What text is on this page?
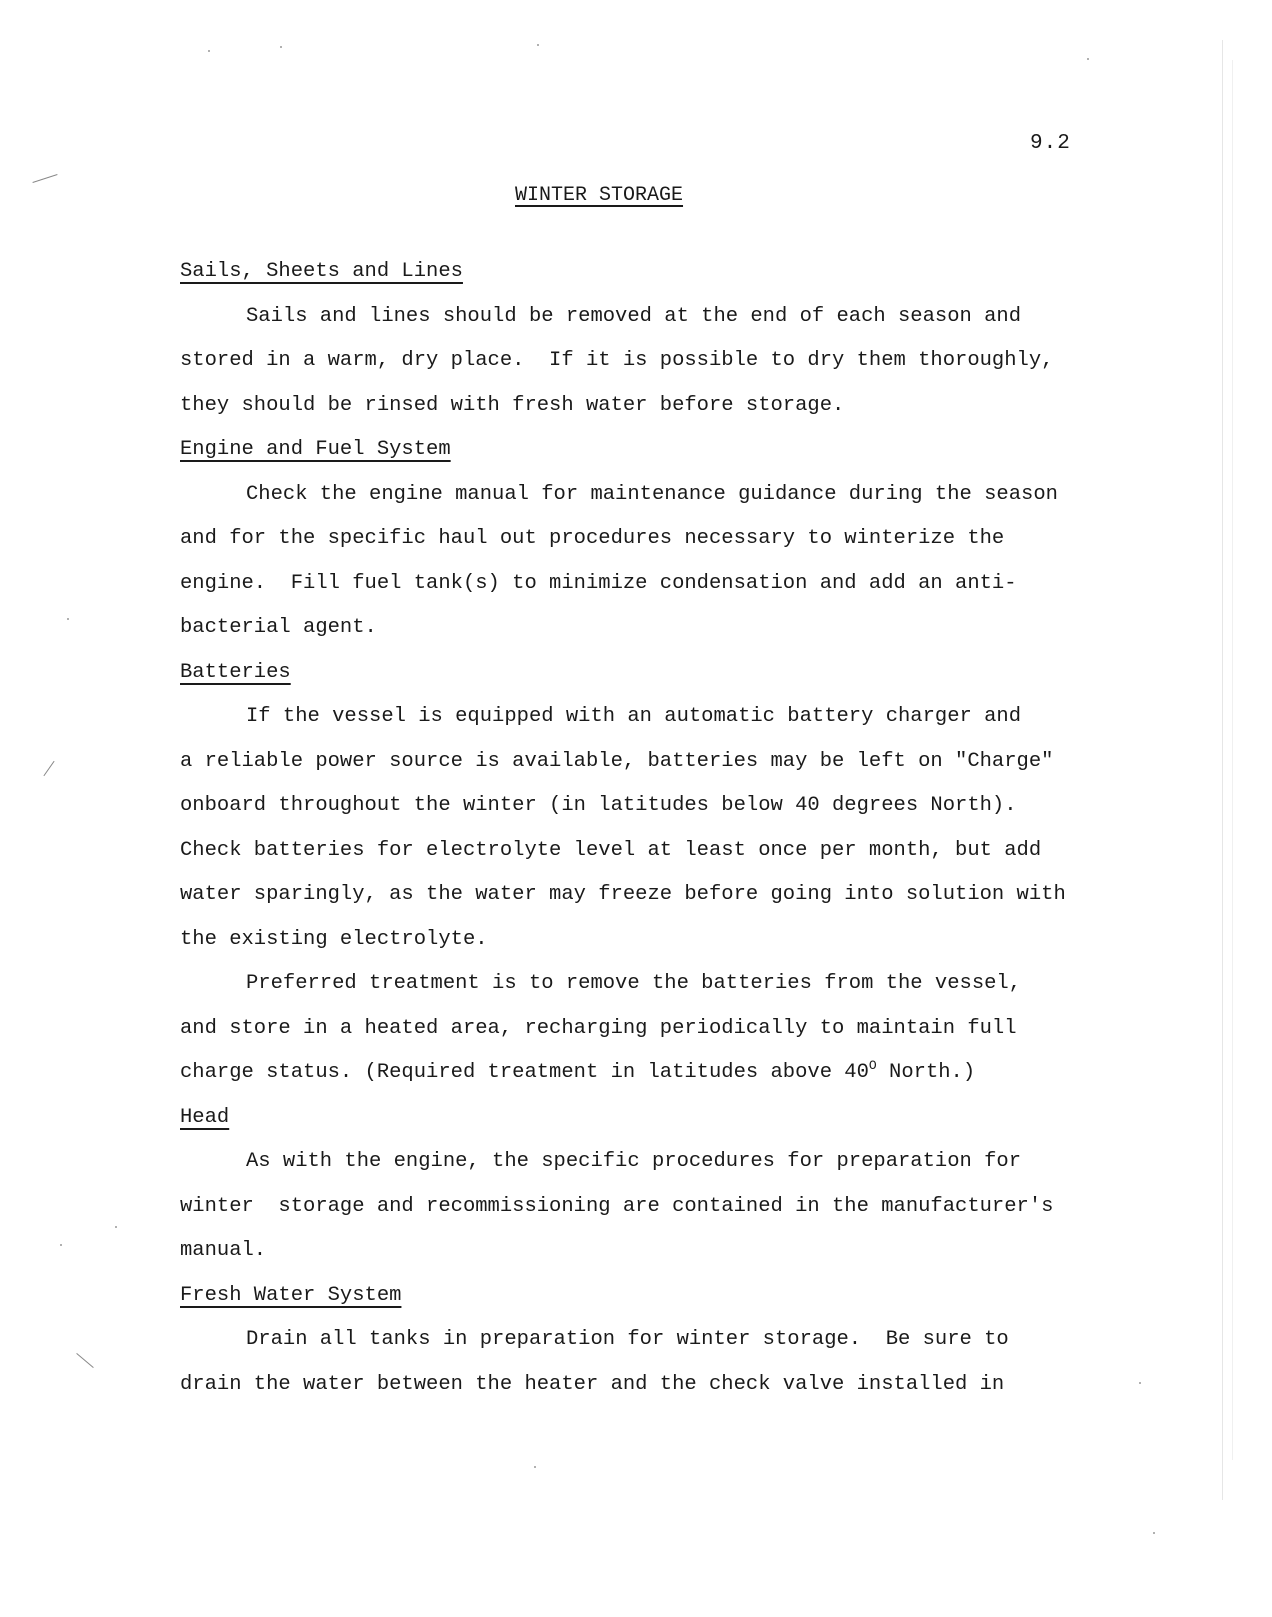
9.2
WINTER STORAGE
Sails, Sheets and Lines
Sails and lines should be removed at the end of each season and
stored in a warm, dry place.  If it is possible to dry them thoroughly,
they should be rinsed with fresh water before storage.
Engine and Fuel System
Check the engine manual for maintenance guidance during the season
and for the specific haul out procedures necessary to winterize the
engine.  Fill fuel tank(s) to minimize condensation and add an anti-
bacterial agent.
Batteries
If the vessel is equipped with an automatic battery charger and
a reliable power source is available, batteries may be left on "Charge"
onboard throughout the winter (in latitudes below 40 degrees North).
Check batteries for electrolyte level at least once per month, but add
water sparingly, as the water may freeze before going into solution with
the existing electrolyte.
Preferred treatment is to remove the batteries from the vessel,
and store in a heated area, recharging periodically to maintain full
charge status. (Required treatment in latitudes above $40^O$ North.)
Head
As with the engine, the specific procedures for preparation for
winter  storage and recommissioning are contained in the manufacturer's
manual.
Fresh Water System
Drain all tanks in preparation for winter storage.  Be sure to
drain the water between the heater and the check valve installed in
